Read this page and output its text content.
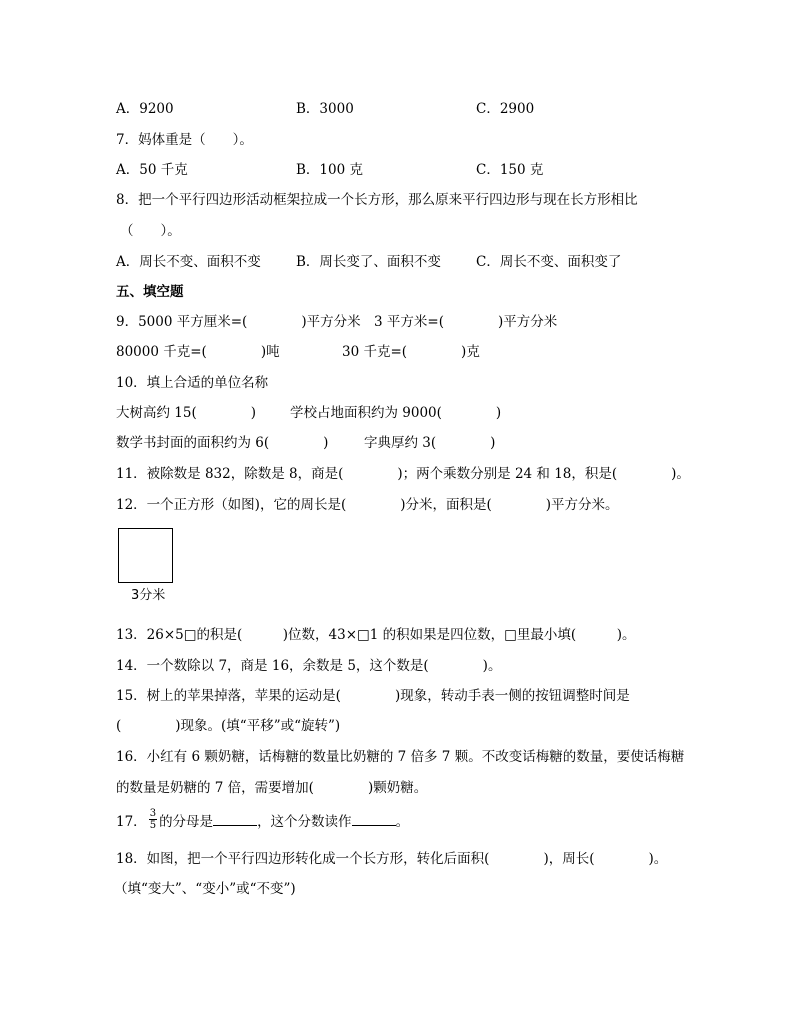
A．9200	B．3000	C．2900
7．妈体重是（　　）。
A．50 千克	B．100 克	C．150 克
8．把一个平行四边形活动框架拉成一个长方形，那么原来平行四边形与现在长方形相比
（　　）。
A．周长不变、面积不变	B．周长变了、面积不变	C．周长不变、面积变了
五、填空题
9．5000 平方厘米=(　　　　)平方分米 3 平方米=(　　　　)平方分米
80000 千克=(　　　　)吨	30 千克=(　　　　)克
10．填上合适的单位名称
大树高约 15(　　　　)	学校占地面积约为 9000(　　　　)
数学书封面的面积约为 6(　　　　)	字典厚约 3(　　　　)
11．被除数是 832，除数是 8，商是(　　　　)；两个乘数分别是 24 和 18，积是(　　　　)。
12．一个正方形（如图)，它的周长是(　　　　)分米，面积是(　　　　)平方分米。
3分米
13．26×5□的积是(　　　)位数，43×□1 的积如果是四位数，□里最小填(　　　)。
14．一个数除以 7，商是 16，余数是 5，这个数是(　　　　)。
15．树上的苹果掉落，苹果的运动是(　　　　)现象，转动手表一侧的按钮调整时间是
(　　　　)现象。(填“平移”或“旋转”)
16．小红有 6 颗奶糖，话梅糖的数量比奶糖的 7 倍多 7 颗。不改变话梅糖的数量，要使话梅糖
的数量是奶糖的 7 倍，需要增加(　　　　)颗奶糖。
17． $\frac{3}{5}$ 的分母是	，这个分数读作	。
18．如图，把一个平行四边形转化成一个长方形，转化后面积(　　　　)，周长(　　　　)。
（填“变大”、“变小”或“不变”)
